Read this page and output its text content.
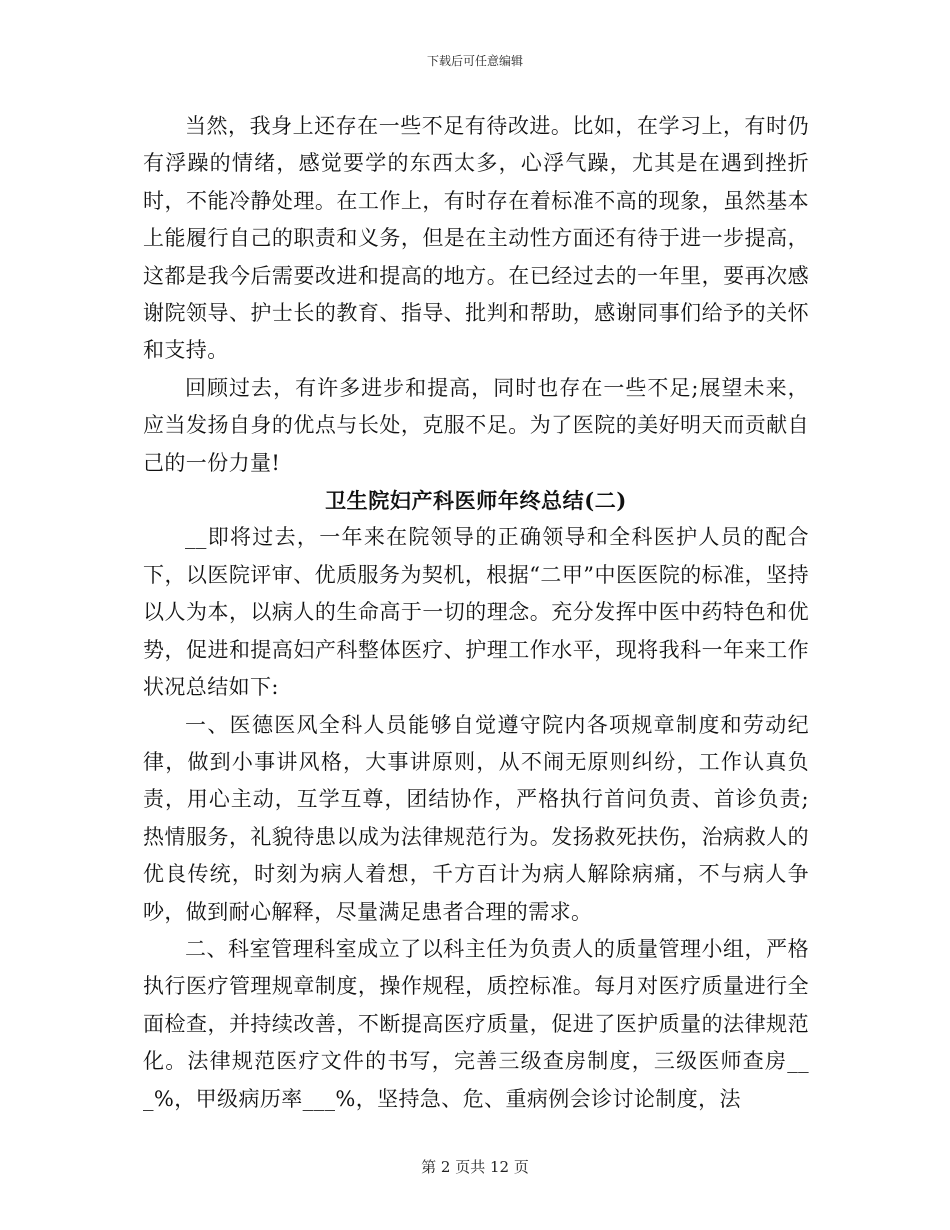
下载后可任意编辑

当然，我身上还存在一些不足有待改进。比如，在学习上，有时仍有浮躁的情绪，感觉要学的东西太多，心浮气躁，尤其是在遇到挫折时，不能冷静处理。在工作上，有时存在着标准不高的现象，虽然基本上能履行自己的职责和义务，但是在主动性方面还有待于进一步提高，这都是我今后需要改进和提高的地方。在已经过去的一年里，要再次感谢院领导、护士长的教育、指导、批判和帮助，感谢同事们给予的关怀和支持。

回顾过去，有许多进步和提高，同时也存在一些不足;展望未来，应当发扬自身的优点与长处，克服不足。为了医院的美好明天而贡献自己的一份力量!

卫生院妇产科医师年终总结(二)

__即将过去，一年来在院领导的正确领导和全科医护人员的配合下，以医院评审、优质服务为契机，根据“二甲”中医医院的标准，坚持以人为本，以病人的生命高于一切的理念。充分发挥中医中药特色和优势，促进和提高妇产科整体医疗、护理工作水平，现将我科一年来工作状况总结如下:

一、医德医风全科人员能够自觉遵守院内各项规章制度和劳动纪律，做到小事讲风格，大事讲原则，从不闹无原则纠纷，工作认真负责，用心主动，互学互尊，团结协作，严格执行首问负责、首诊负责;热情服务，礼貌待患以成为法律规范行为。发扬救死扶伤，治病救人的优良传统，时刻为病人着想，千方百计为病人解除病痛，不与病人争吵，做到耐心解释，尽量满足患者合理的需求。

二、科室管理科室成立了以科主任为负责人的质量管理小组，严格执行医疗管理规章制度，操作规程，质控标准。每月对医疗质量进行全面检查，并持续改善，不断提高医疗质量，促进了医护质量的法律规范化。法律规范医疗文件的书写，完善三级查房制度，三级医师查房___%，甲级病历率___%，坚持急、危、重病例会诊讨论制度，法

第 2 页共 12 页
